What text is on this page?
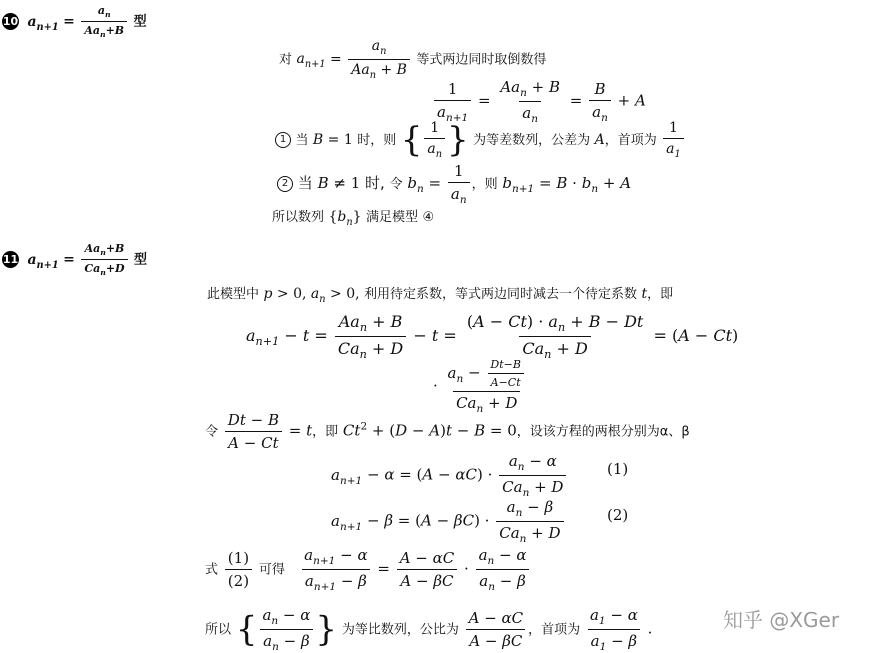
10 $a_{n+1} = \frac{a_n}{Aa_n+B}$ 型
对 $a_{n+1} = \frac{a_n}{Aa_n + B}$ 等式两边同时取倒数得
$\frac{1}{a_{n+1}} = \frac{Aa_n + B}{a_n} = \frac{B}{a_n} + A$
1 当 B = 1 时，则 { $\frac{1}{a_n}$ } 为等差数列，公差为 A，首项为 $\frac{1}{a_1}$
2 当 B ≠ 1 时, 令 $b_n = \frac{1}{a_n}$ ，则 $b_{n+1} = B \cdot b_n + A$
所以数列 $\{b_n\}$ 满足模型 ④
11 $a_{n+1} = \frac{Aa_n+B}{Ca_n+D}$ 型
此模型中 p > 0, $a_n > 0$, 利用待定系数，等式两边同时减去一个待定系数 t，即
$a_{n+1} - t = \frac{Aa_n + B}{Ca_n + D} - t = \frac{(A - Ct) \cdot a_n + B - Dt}{Ca_n + D} = (A - Ct)$
· $\frac{a_n - \frac{Dt-B}{A-Ct}}{Ca_n + D}$
令 $\frac{Dt - B}{A - Ct} = t$，即 $Ct^2 + (D - A)t - B = 0$，设该方程的两根分别为α、β
$a_{n+1} - \alpha = (A - \alpha C) \cdot \frac{a_n - \alpha}{Ca_n + D}$	(1)
$a_{n+1} - \beta = (A - \beta C) \cdot \frac{a_n - \beta}{Ca_n + D}$	(2)
式 $\frac{(1)}{(2)}$ 可得 $\frac{a_{n+1} - \alpha}{a_{n+1} - \beta} = \frac{A - \alpha C}{A - \beta C} \cdot \frac{a_n - \alpha}{a_n - \beta}$
所以 { $\frac{a_n - \alpha}{a_n - \beta}$ } 为等比数列，公比为 $\frac{A - \alpha C}{A - \beta C}$ ，首项为 $\frac{a_1 - \alpha}{a_1 - \beta}$ .	知乎 @XGer
